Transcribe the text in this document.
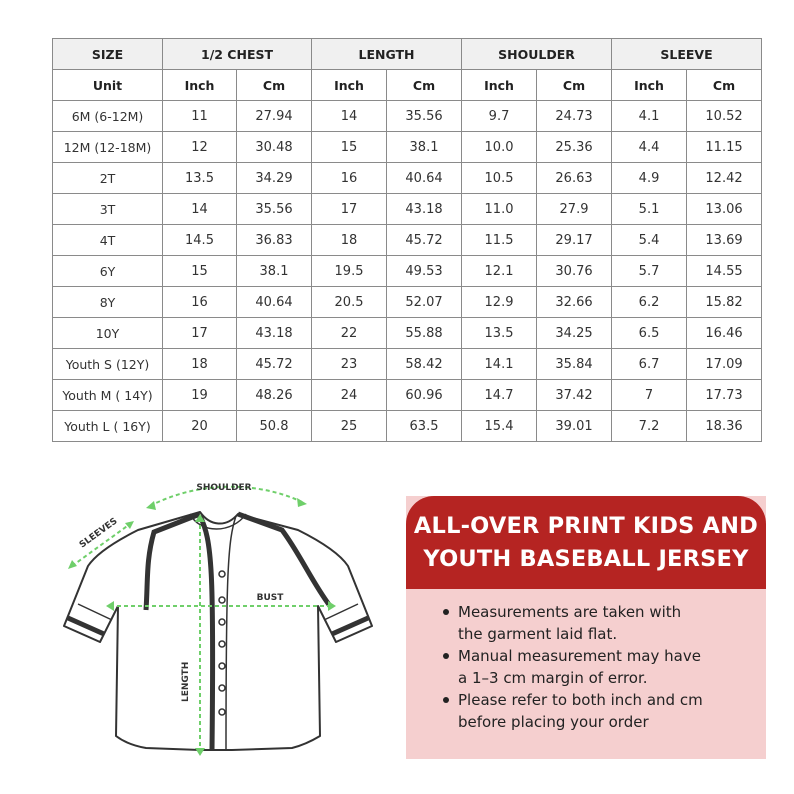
SIZE	1/2 CHEST		LENGTH		SHOULDER		SLEEVE	
Unit	Inch	Cm	Inch	Cm	Inch	Cm	Inch	Cm
6M (6-12M)	11	27.94	14	35.56	9.7	24.73	4.1	10.52
12M (12-18M)	12	30.48	15	38.1	10.0	25.36	4.4	11.15
2T	13.5	34.29	16	40.64	10.5	26.63	4.9	12.42
3T	14	35.56	17	43.18	11.0	27.9	5.1	13.06
4T	14.5	36.83	18	45.72	11.5	29.17	5.4	13.69
6Y	15	38.1	19.5	49.53	12.1	30.76	5.7	14.55
8Y	16	40.64	20.5	52.07	12.9	32.66	6.2	15.82
10Y	17	43.18	22	55.88	13.5	34.25	6.5	16.46
Youth S (12Y)	18	45.72	23	58.42	14.1	35.84	6.7	17.09
Youth M ( 14Y)	19	48.26	24	60.96	14.7	37.42	7	17.73
Youth L ( 16Y)	20	50.8	25	63.5	15.4	39.01	7.2	18.36
SHOULDER
SLEEVES
BUST
LENGTH
ALL-OVER PRINT KIDS AND
YOUTH BASEBALL JERSEY
Measurements are taken with
the garment laid flat.
Manual measurement may have
a 1–3 cm margin of error.
Please refer to both inch and cm
before placing your order
